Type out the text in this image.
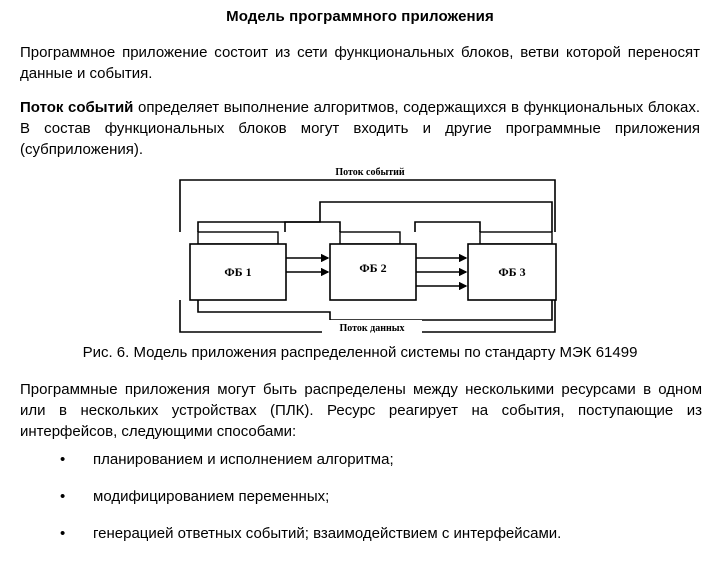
Модель программного приложения
Программное приложение состоит из сети функциональных блоков, ветви которой переносят данные и события.
Поток событий определяет выполнение алгоритмов, содержащихся в функциональных блоках. В состав функциональных блоков могут входить и другие программные приложения (субприложения).
Поток событий
Поток данных
ФБ 1	ФБ 2	ФБ 3
Рис. 6. Модель приложения распределенной системы по стандарту МЭК 61499
Программные приложения могут быть распределены между несколькими ресурсами в одном или в нескольких устройствах (ПЛК). Ресурс реагирует на события, поступающие из интерфейсов, следующими способами:
• планированием и исполнением алгоритма;
• модифицированием переменных;
• генерацией ответных событий; взаимодействием с интерфейсами.
